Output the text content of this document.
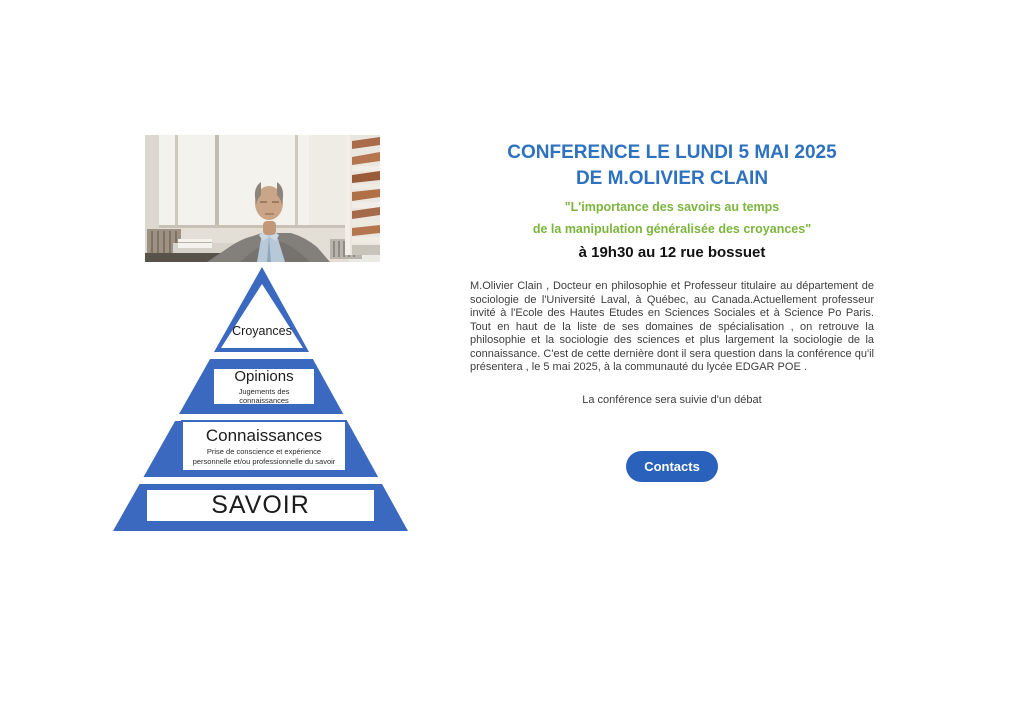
Croyances
Opinions
Jugements des connaissances
Connaissances
Prise de conscience et expérience
personnelle et/ou professionnelle du savoir
SAVOIR
CONFERENCE LE LUNDI 5 MAI 2025
DE M.OLIVIER CLAIN
"L'importance des savoirs au temps
de la manipulation généralisée des croyances"
à 19h30 au 12 rue bossuet

M.Olivier Clain , Docteur en philosophie et Professeur titulaire au département de sociologie de l'Université Laval, à Québec, au Canada.Actuellement professeur invité à l'Ecole des Hautes Etudes en Sciences Sociales et à Science Po Paris. Tout en haut de la liste de ses domaines de spécialisation , on retrouve la philosophie et la sociologie des sciences et plus largement la sociologie de la connaissance. C'est de cette dernière dont il sera question dans la conférence qu'il présentera , le 5 mai 2025, à la communauté du lycée EDGAR POE .

La conférence sera suivie d'un débat
Contacts
